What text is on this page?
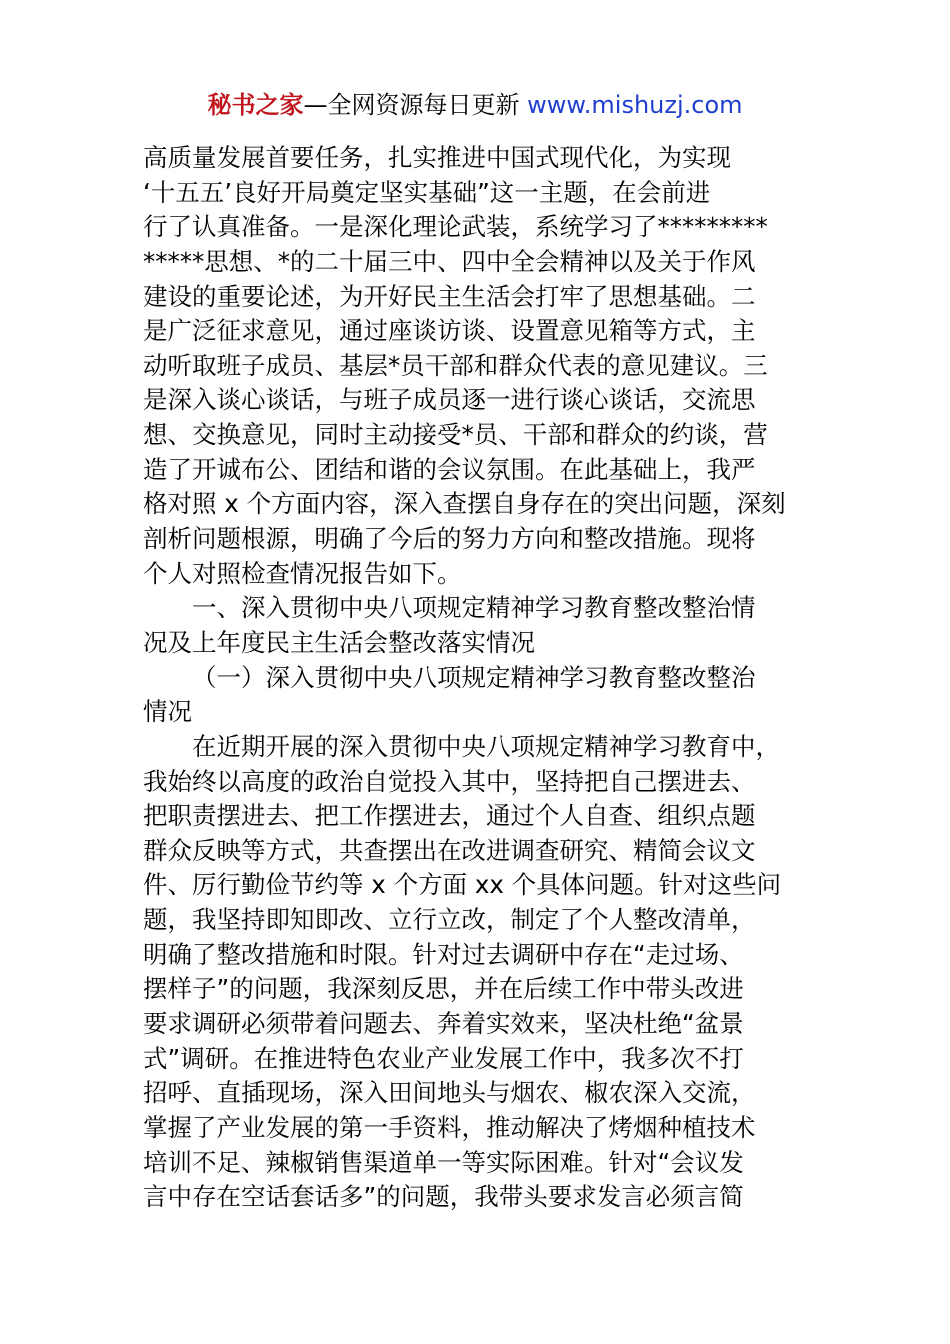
秘书之家—全网资源每日更新 www.mishuzj.com
高质量发展首要任务，扎实推进中国式现代化，为实现
‘十五五’良好开局奠定坚实基础”这一主题，在会前进
行了认真准备。一是深化理论武装，系统学习了*********
*****思想、*的二十届三中、四中全会精神以及关于作风
建设的重要论述，为开好民主生活会打牢了思想基础。二
是广泛征求意见，通过座谈访谈、设置意见箱等方式，主
动听取班子成员、基层*员干部和群众代表的意见建议。三
是深入谈心谈话，与班子成员逐一进行谈心谈话，交流思
想、交换意见，同时主动接受*员、干部和群众的约谈，营
造了开诚布公、团结和谐的会议氛围。在此基础上，我严
格对照 x 个方面内容，深入查摆自身存在的突出问题，深刻
剖析问题根源，明确了今后的努力方向和整改措施。现将
个人对照检查情况报告如下。
一、深入贯彻中央八项规定精神学习教育整改整治情
况及上年度民主生活会整改落实情况
（一）深入贯彻中央八项规定精神学习教育整改整治
情况
在近期开展的深入贯彻中央八项规定精神学习教育中，
我始终以高度的政治自觉投入其中，坚持把自己摆进去、
把职责摆进去、把工作摆进去，通过个人自查、组织点题
群众反映等方式，共查摆出在改进调查研究、精简会议文
件、厉行勤俭节约等 x 个方面 xx 个具体问题。针对这些问
题，我坚持即知即改、立行立改，制定了个人整改清单，
明确了整改措施和时限。针对过去调研中存在“走过场、
摆样子”的问题，我深刻反思，并在后续工作中带头改进
要求调研必须带着问题去、奔着实效来，坚决杜绝“盆景
式”调研。在推进特色农业产业发展工作中，我多次不打
招呼、直插现场，深入田间地头与烟农、椒农深入交流，
掌握了产业发展的第一手资料，推动解决了烤烟种植技术
培训不足、辣椒销售渠道单一等实际困难。针对“会议发
言中存在空话套话多”的问题，我带头要求发言必须言简
